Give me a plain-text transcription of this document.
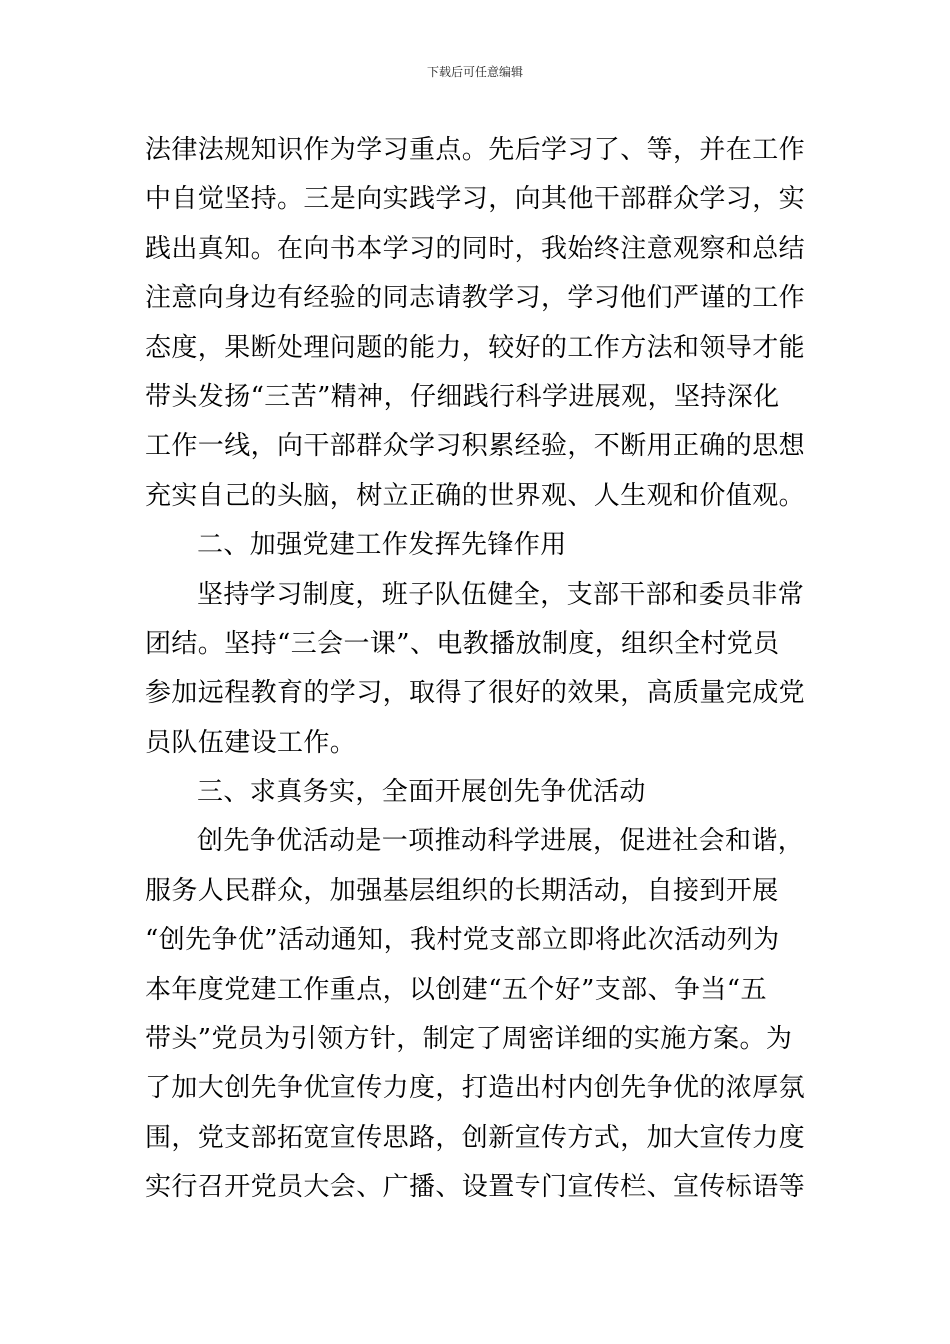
下载后可任意编辑
法律法规知识作为学习重点。先后学习了、等，并在工作
中自觉坚持。三是向实践学习，向其他干部群众学习，实
践出真知。在向书本学习的同时，我始终注意观察和总结
注意向身边有经验的同志请教学习，学习他们严谨的工作
态度，果断处理问题的能力，较好的工作方法和领导才能
带头发扬“三苦”精神，仔细践行科学进展观，坚持深化
工作一线，向干部群众学习积累经验，不断用正确的思想
充实自己的头脑，树立正确的世界观、人生观和价值观。
二、加强党建工作发挥先锋作用
坚持学习制度，班子队伍健全，支部干部和委员非常
团结。坚持“三会一课”、电教播放制度，组织全村党员
参加远程教育的学习，取得了很好的效果，高质量完成党
员队伍建设工作。
三、求真务实，全面开展创先争优活动
创先争优活动是一项推动科学进展，促进社会和谐，
服务人民群众，加强基层组织的长期活动，自接到开展
“创先争优”活动通知，我村党支部立即将此次活动列为
本年度党建工作重点，以创建“五个好”支部、争当“五
带头”党员为引领方针，制定了周密详细的实施方案。为
了加大创先争优宣传力度，打造出村内创先争优的浓厚氛
围，党支部拓宽宣传思路，创新宣传方式，加大宣传力度
实行召开党员大会、广播、设置专门宣传栏、宣传标语等
